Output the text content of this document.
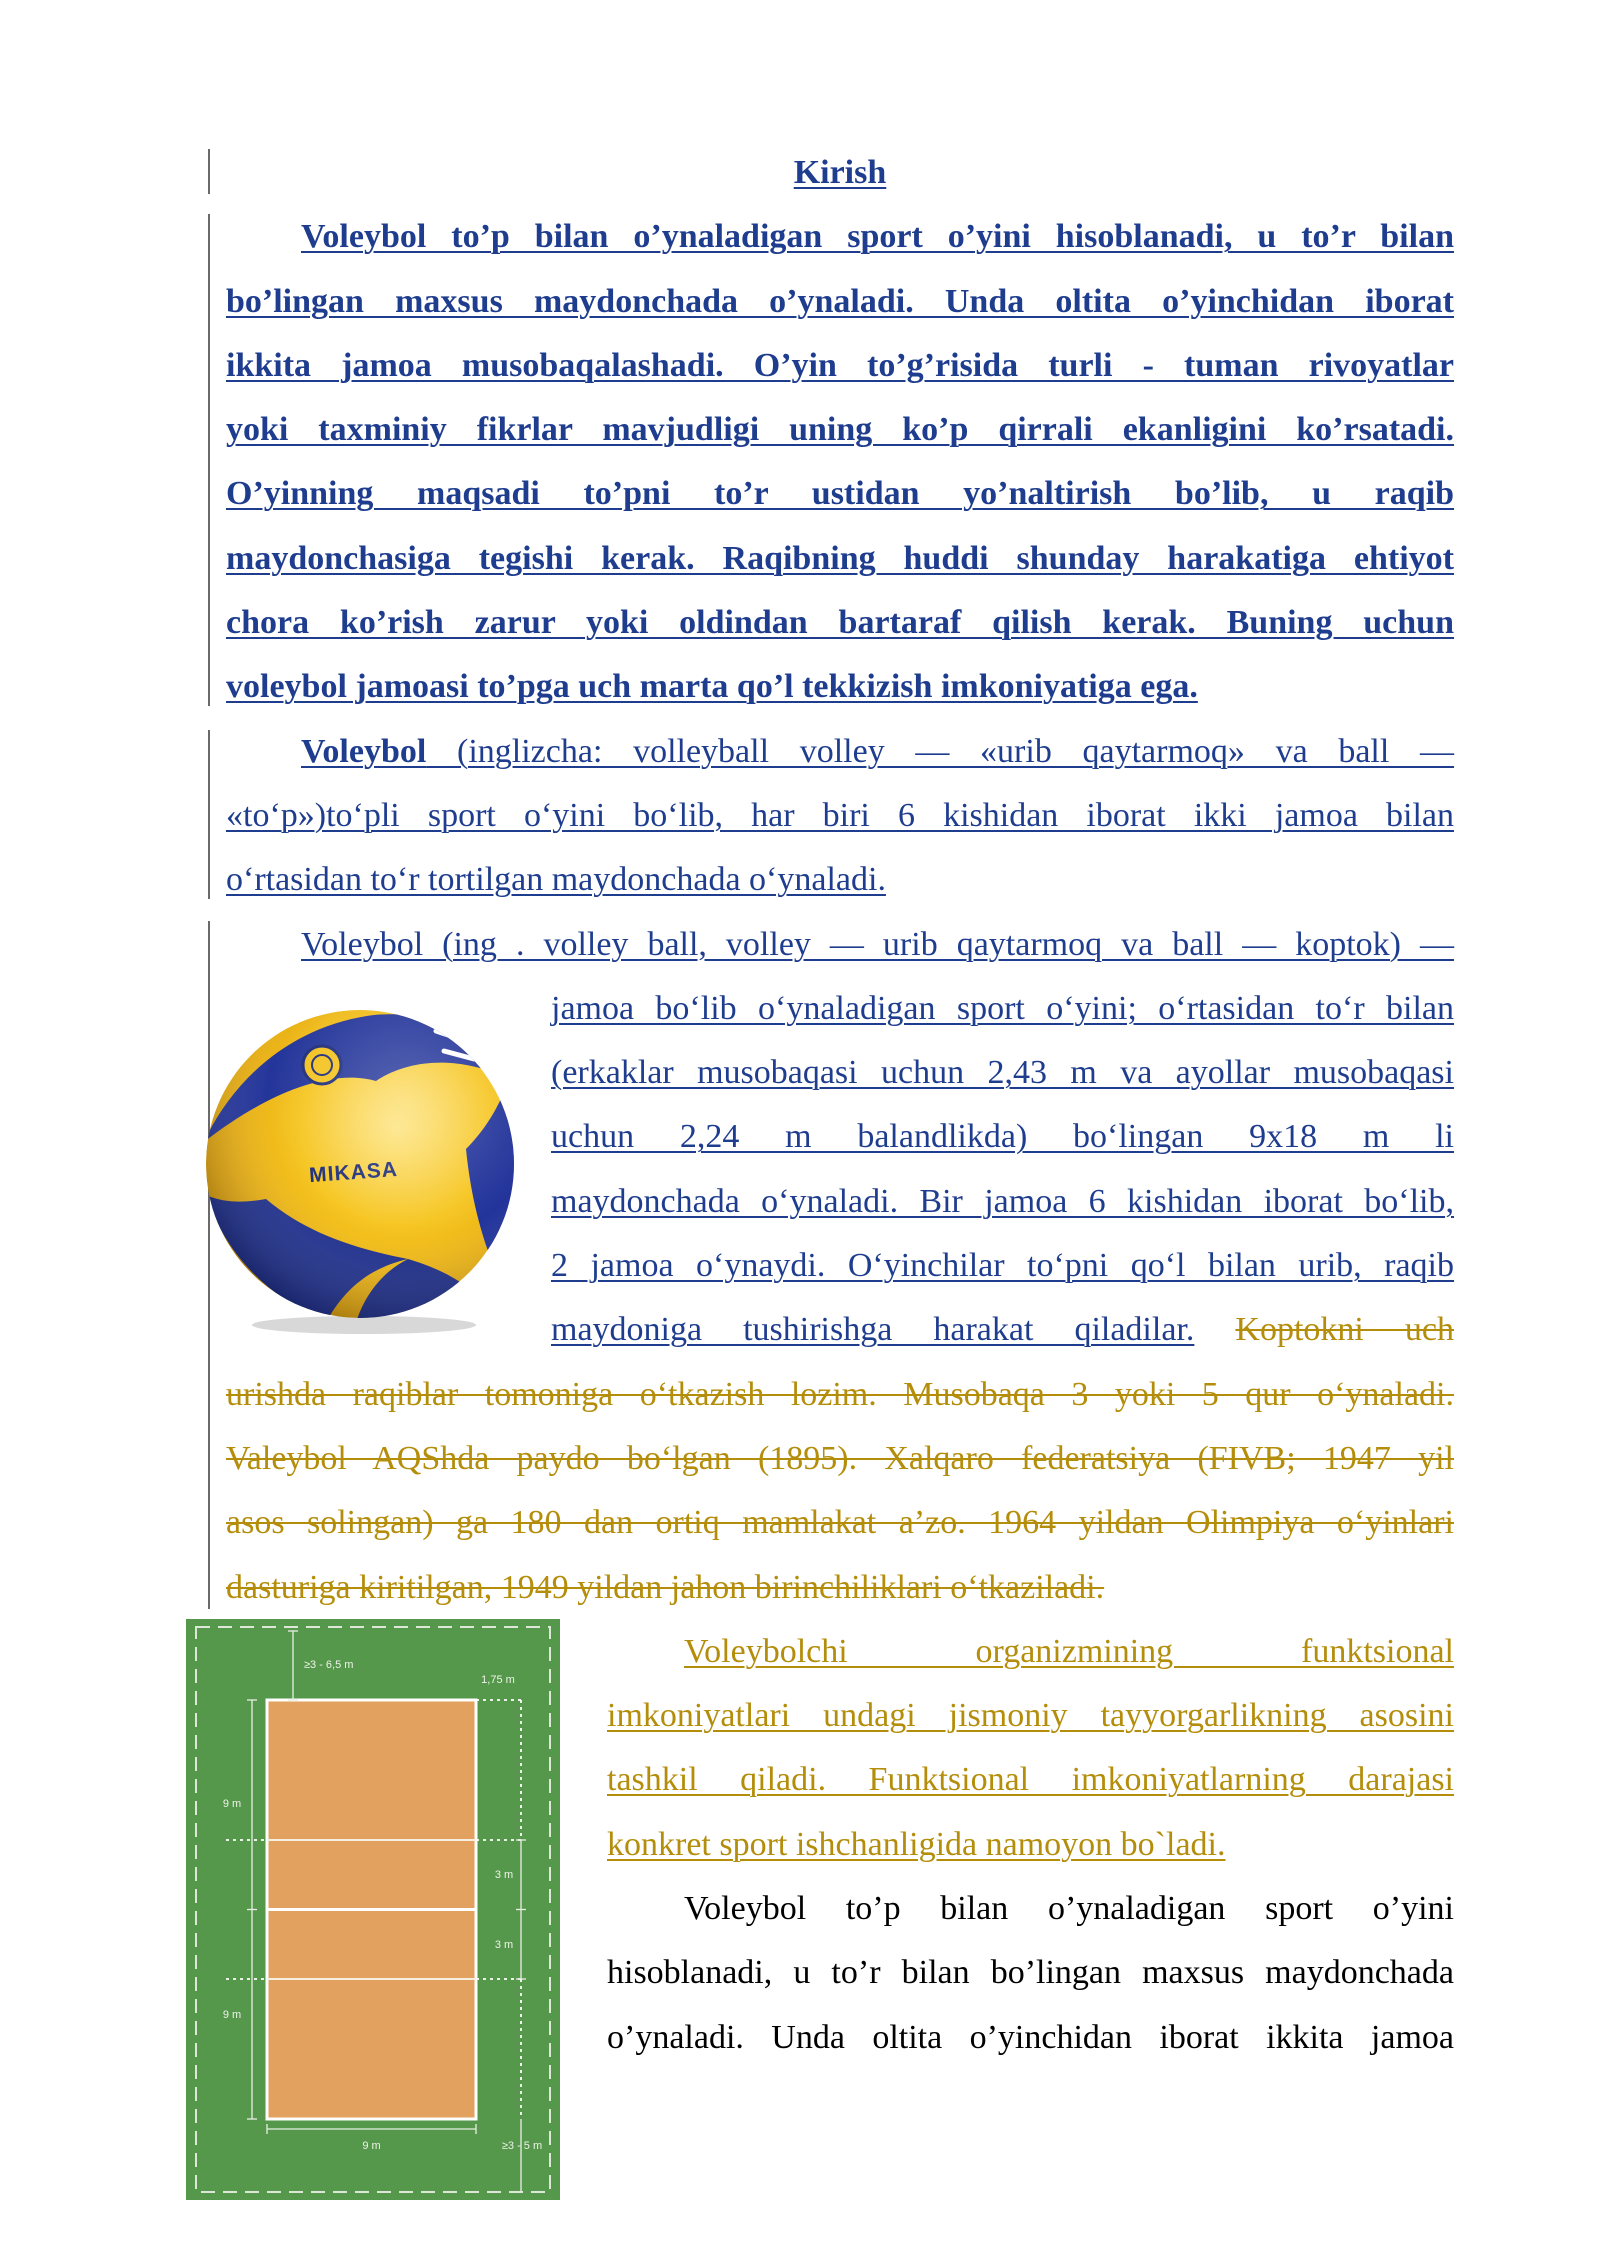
Kirish
Voleybol to’p bilan o’ynaladigan sport o’yini hisoblanadi, u to’r bilan
bo’lingan maxsus maydonchada o’ynaladi. Unda oltita o’yinchidan iborat
ikkita jamoa musobaqalashadi. O’yin to’g’risida turli - tuman rivoyatlar
yoki taxminiy fikrlar mavjudligi uning ko’p qirrali ekanligini ko’rsatadi.
O’yinning maqsadi to’pni to’r ustidan yo’naltirish bo’lib, u raqib
maydonchasiga tegishi kerak. Raqibning huddi shunday harakatiga ehtiyot
chora ko’rish zarur yoki oldindan bartaraf qilish kerak. Buning uchun
voleybol jamoasi to’pga uch marta qo’l tekkizish imkoniyatiga ega.
Voleybol (inglizcha: volleyball volley — «urib qaytarmoq» va ball —
«to‘p»)to‘pli sport o‘yini bo‘lib, har biri 6 kishidan iborat ikki jamoa bilan
o‘rtasidan to‘r tortilgan maydonchada o‘ynaladi.
Voleybol (ing . volley ball, volley — urib qaytarmoq va ball — koptok) —
jamoa bo‘lib o‘ynaladigan sport o‘yini; o‘rtasidan to‘r bilan
(erkaklar musobaqasi uchun 2,43 m va ayollar musobaqasi
uchun 2,24 m balandlikda) bo‘lingan 9x18 m li
maydonchada o‘ynaladi. Bir jamoa 6 kishidan iborat bo‘lib,
2 jamoa o‘ynaydi. O‘yinchilar to‘pni qo‘l bilan urib, raqib
maydoniga tushirishga harakat qiladilar. Koptokni uch
urishda raqiblar tomoniga o‘tkazish lozim. Musobaqa 3 yoki 5 qur o‘ynaladi.
Valeybol AQShda paydo bo‘lgan (1895). Xalqaro federatsiya (FIVB; 1947 yil
asos solingan) ga 180 dan ortiq mamlakat a’zo. 1964 yildan Olimpiya o‘yinlari
dasturiga kiritilgan, 1949 yildan jahon birinchiliklari o‘tkaziladi.
Voleybolchi organizmining funktsional
imkoniyatlari undagi jismoniy tayyorgarlikning asosini
tashkil qiladi. Funktsional imkoniyatlarning darajasi
konkret sport ishchanligida namoyon bo`ladi.
Voleybol to’p bilan o’ynaladigan sport o’yini
hisoblanadi, u to’r bilan bo’lingan maxsus maydonchada
o’ynaladi. Unda oltita o’yinchidan iborat ikkita jamoa
≥3 - 6,5 m
1,75 m
9 m
3 m
3 m
9 m
9 m	≥3 - 5 m
